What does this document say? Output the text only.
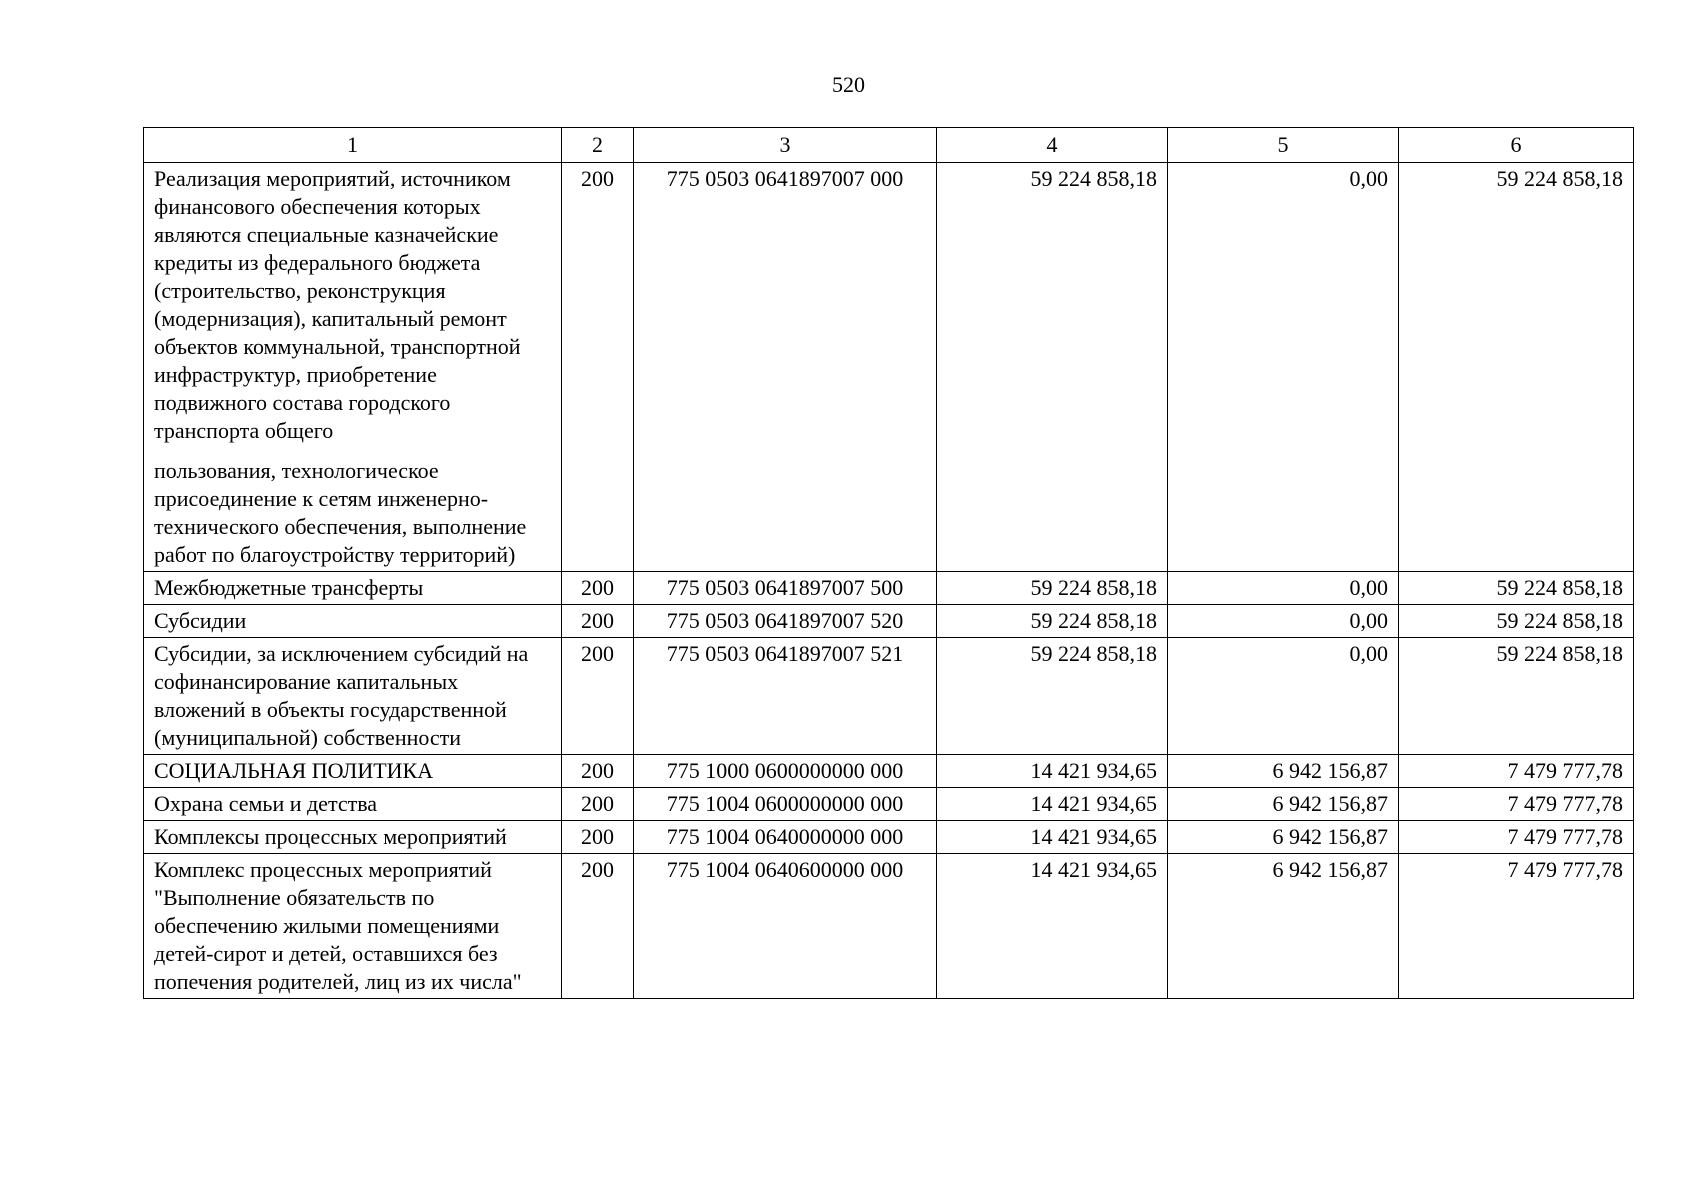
520
1	2	3	4	5	6

Реализация мероприятий, источником финансового обеспечения которых являются специальные казначейские кредиты из федерального бюджета (строительство, реконструкция (модернизация), капитальный ремонт объектов коммунальной, транспортной инфраструктур, приобретение подвижного состава городского транспорта общего
пользования, технологическое присоединение к сетям инженерно-технического обеспечения, выполнение работ по благоустройству территорий)	200	775 0503 0641897007 000	59 224 858,18	0,00	59 224 858,18

Межбюджетные трансферты	200	775 0503 0641897007 500	59 224 858,18	0,00	59 224 858,18

Субсидии	200	775 0503 0641897007 520	59 224 858,18	0,00	59 224 858,18

Субсидии, за исключением субсидий на софинансирование капитальных вложений в объекты государственной (муниципальной) собственности	200	775 0503 0641897007 521	59 224 858,18	0,00	59 224 858,18

СОЦИАЛЬНАЯ ПОЛИТИКА	200	775 1000 0600000000 000	14 421 934,65	6 942 156,87	7 479 777,78

Охрана семьи и детства	200	775 1004 0600000000 000	14 421 934,65	6 942 156,87	7 479 777,78

Комплексы процессных мероприятий	200	775 1004 0640000000 000	14 421 934,65	6 942 156,87	7 479 777,78

Комплекс процессных мероприятий "Выполнение обязательств по обеспечению жилыми помещениями детей-сирот и детей, оставшихся без попечения родителей, лиц из их числа"	200	775 1004 0640600000 000	14 421 934,65	6 942 156,87	7 479 777,78
